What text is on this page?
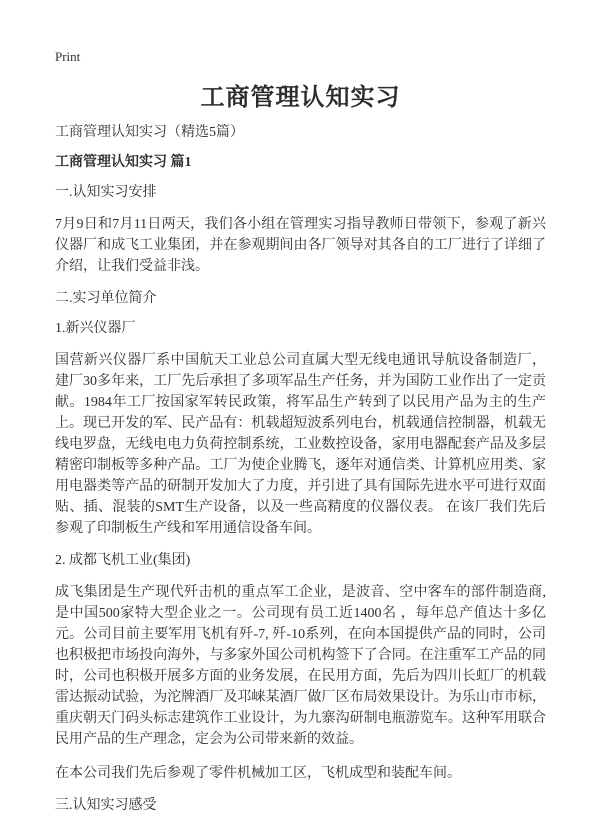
Print
工商管理认知实习

工商管理认知实习（精选5篇）

工商管理认知实习 篇1

一.认知实习安排

7月9日和7月11日两天，我们各小组在管理实习指导教师日带领下，参观了新兴仪器厂和成飞工业集团，并在参观期间由各厂领导对其各自的工厂进行了详细了介绍，让我们受益非浅。

二.实习单位简介

1.新兴仪器厂

国营新兴仪器厂系中国航天工业总公司直属大型无线电通讯导航设备制造厂， 建厂30多年来，工厂先后承担了多项军品生产任务，并为国防工业作出了一定贡献。1984年工厂按国家军转民政策，将军品生产转到了以民用产品为主的生产上。现已开发的军、民产品有：机载超短波系列电台，机载通信控制器，机载无线电罗盘，无线电电力负荷控制系统，工业数控设备，家用电器配套产品及多层精密印制板等多种产品。工厂为使企业腾飞，逐年对通信类、计算机应用类、家用电器类等产品的研制开发加大了力度，并引进了具有国际先进水平可进行双面贴、插、混装的SMT生产设备，以及一些高精度的仪器仪表。 在该厂我们先后参观了印制板生产线和军用通信设备车间。

2. 成都飞机工业(集团)

成飞集团是生产现代歼击机的重点军工企业，是波音、空中客车的部件制造商,是中国500家特大型企业之一。公司现有员工近1400名 ，每年总产值达十多亿元。公司目前主要军用飞机有歼-7, 歼-10系列，在向本国提供产品的同时，公司也积极把市场投向海外，与多家外国公司机构签下了合同。在注重军工产品的同时，公司也积极开展多方面的业务发展，在民用方面，先后为四川长虹厂的机载雷达振动试验，为沱牌酒厂及邛崃某酒厂做厂区布局效果设计。为乐山市市标，重庆朝天门码头标志建筑作工业设计，为九寨沟研制电瓶游览车。这种军用联合民用产品的生产理念，定会为公司带来新的效益。

在本公司我们先后参观了零件机械加工区，飞机成型和装配车间。

三.认知实习感受
